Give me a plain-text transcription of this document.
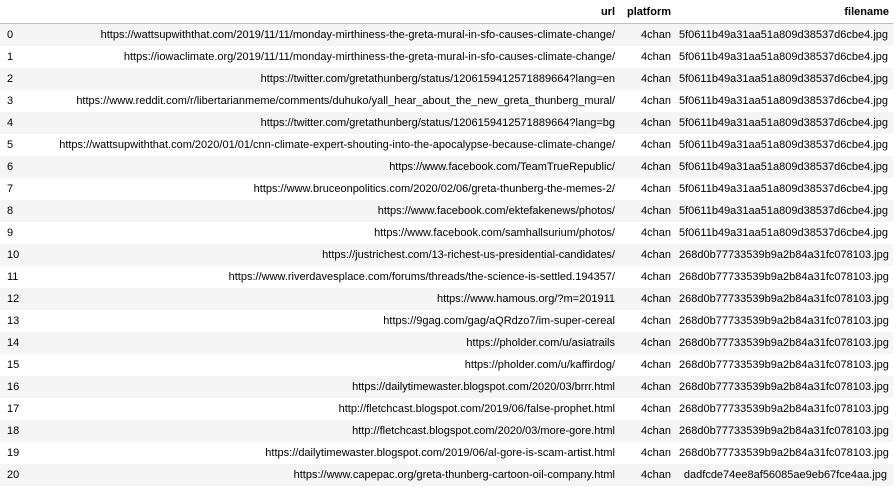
	url	platform	filename
0	https://wattsupwiththat.com/2019/11/11/monday-mirthiness-the-greta-mural-in-sfo-causes-climate-change/	4chan	5f0611b49a31aa51a809d38537d6cbe4.jpg
1	https://iowaclimate.org/2019/11/11/monday-mirthiness-the-greta-mural-in-sfo-causes-climate-change/	4chan	5f0611b49a31aa51a809d38537d6cbe4.jpg
2	https://twitter.com/gretathunberg/status/1206159412571889664?lang=en	4chan	5f0611b49a31aa51a809d38537d6cbe4.jpg
3	https://www.reddit.com/r/libertarianmeme/comments/duhuko/yall_hear_about_the_new_greta_thunberg_mural/	4chan	5f0611b49a31aa51a809d38537d6cbe4.jpg
4	https://twitter.com/gretathunberg/status/1206159412571889664?lang=bg	4chan	5f0611b49a31aa51a809d38537d6cbe4.jpg
5	https://wattsupwiththat.com/2020/01/01/cnn-climate-expert-shouting-into-the-apocalypse-because-climate-change/	4chan	5f0611b49a31aa51a809d38537d6cbe4.jpg
6	https://www.facebook.com/TeamTrueRepublic/	4chan	5f0611b49a31aa51a809d38537d6cbe4.jpg
7	https://www.bruceonpolitics.com/2020/02/06/greta-thunberg-the-memes-2/	4chan	5f0611b49a31aa51a809d38537d6cbe4.jpg
8	https://www.facebook.com/ektefakenews/photos/	4chan	5f0611b49a31aa51a809d38537d6cbe4.jpg
9	https://www.facebook.com/samhallsurium/photos/	4chan	5f0611b49a31aa51a809d38537d6cbe4.jpg
10	https://justrichest.com/13-richest-us-presidential-candidates/	4chan	268d0b77733539b9a2b84a31fc078103.jpg
11	https://www.riverdavesplace.com/forums/threads/the-science-is-settled.194357/	4chan	268d0b77733539b9a2b84a31fc078103.jpg
12	https://www.hamous.org/?m=201911	4chan	268d0b77733539b9a2b84a31fc078103.jpg
13	https://9gag.com/gag/aQRdzo7/im-super-cereal	4chan	268d0b77733539b9a2b84a31fc078103.jpg
14	https://pholder.com/u/asiatrails	4chan	268d0b77733539b9a2b84a31fc078103.jpg
15	https://pholder.com/u/kaffirdog/	4chan	268d0b77733539b9a2b84a31fc078103.jpg
16	https://dailytimewaster.blogspot.com/2020/03/brrr.html	4chan	268d0b77733539b9a2b84a31fc078103.jpg
17	http://fletchcast.blogspot.com/2019/06/false-prophet.html	4chan	268d0b77733539b9a2b84a31fc078103.jpg
18	http://fletchcast.blogspot.com/2020/03/more-gore.html	4chan	268d0b77733539b9a2b84a31fc078103.jpg
19	https://dailytimewaster.blogspot.com/2019/06/al-gore-is-scam-artist.html	4chan	268d0b77733539b9a2b84a31fc078103.jpg
20	https://www.capepac.org/greta-thunberg-cartoon-oil-company.html	4chan	dadfcde74ee8af56085ae9eb67fce4aa.jpg
